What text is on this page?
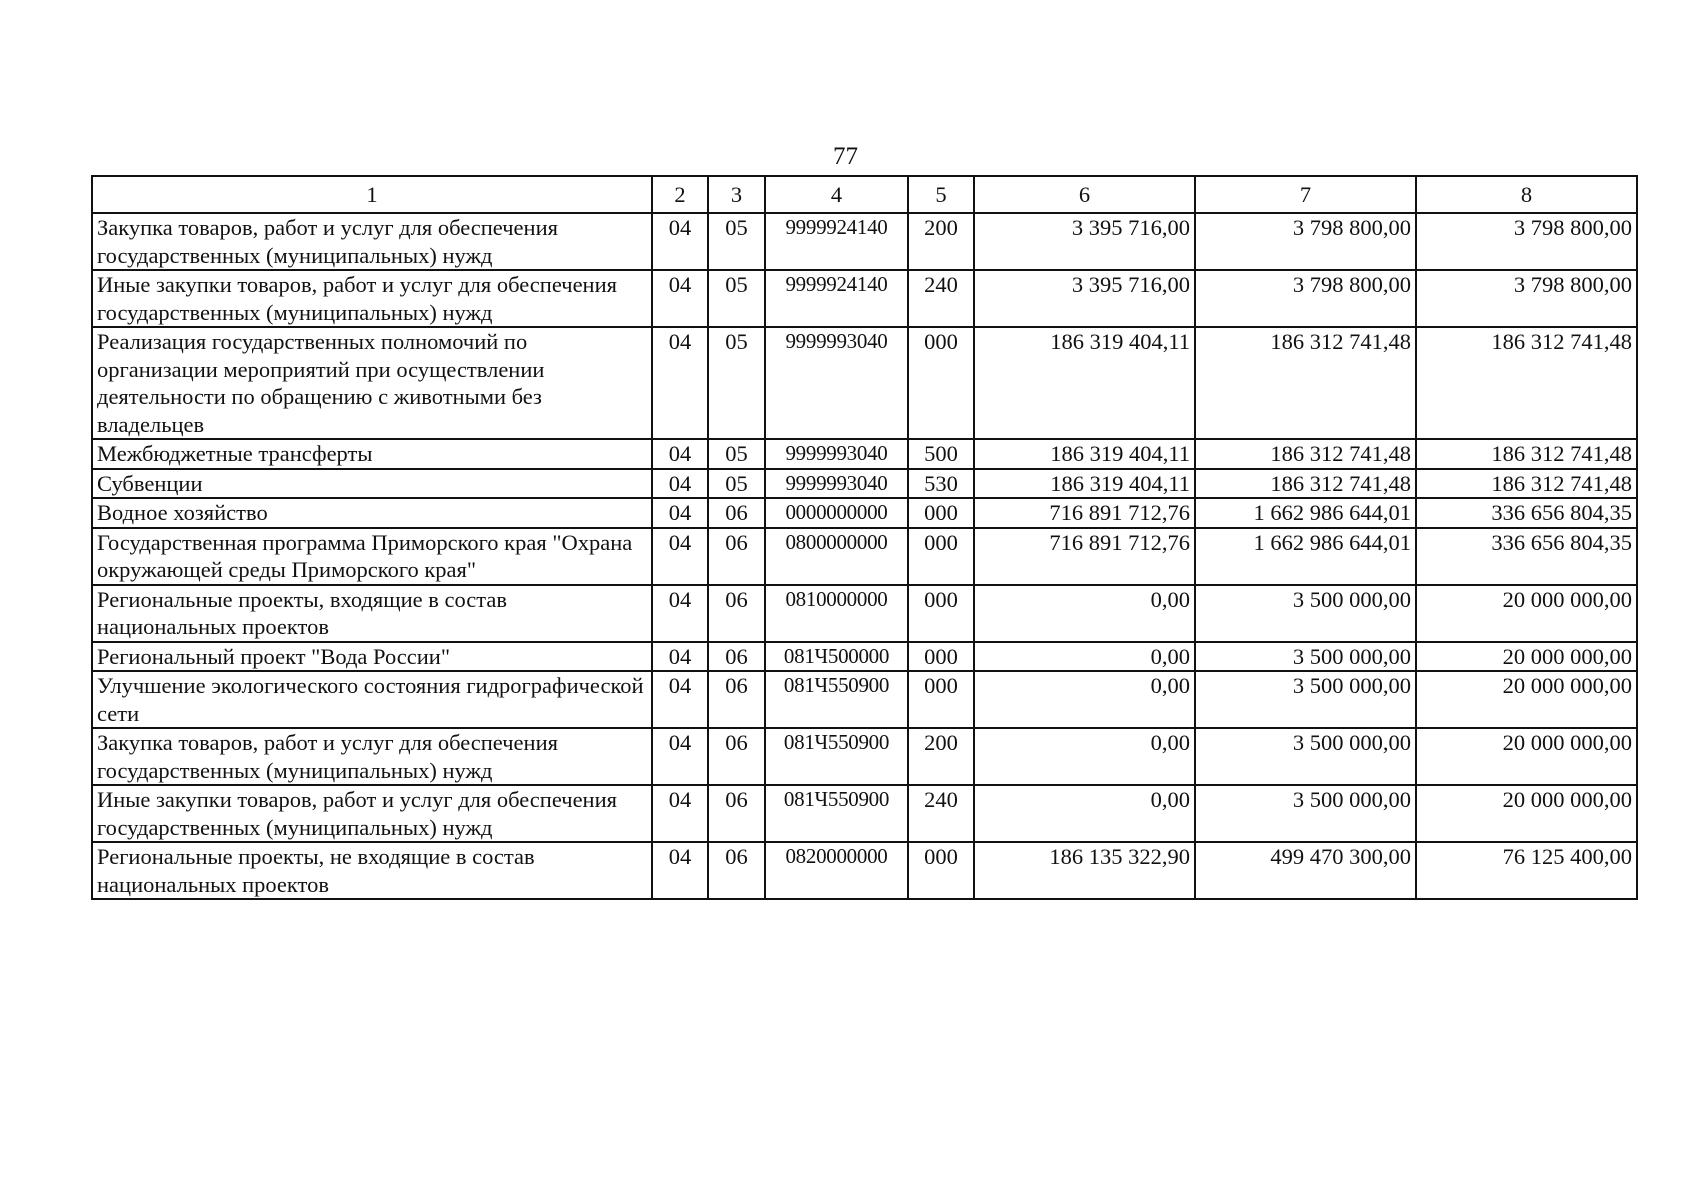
77
1	2	3	4	5	6	7	8
Закупка товаров, работ и услуг для обеспечения государственных (муниципальных) нужд	04	05	9999924140	200	3 395 716,00	3 798 800,00	3 798 800,00
Иные закупки товаров, работ и услуг для обеспечения государственных (муниципальных) нужд	04	05	9999924140	240	3 395 716,00	3 798 800,00	3 798 800,00
Реализация государственных полномочий по организации мероприятий при осуществлении деятельности по обращению с животными без владельцев	04	05	9999993040	000	186 319 404,11	186 312 741,48	186 312 741,48
Межбюджетные трансферты	04	05	9999993040	500	186 319 404,11	186 312 741,48	186 312 741,48
Субвенции	04	05	9999993040	530	186 319 404,11	186 312 741,48	186 312 741,48
Водное хозяйство	04	06	0000000000	000	716 891 712,76	1 662 986 644,01	336 656 804,35
Государственная программа Приморского края "Охрана окружающей среды Приморского края"	04	06	0800000000	000	716 891 712,76	1 662 986 644,01	336 656 804,35
Региональные проекты, входящие в состав национальных проектов	04	06	0810000000	000	0,00	3 500 000,00	20 000 000,00
Региональный проект "Вода России"	04	06	081Ч500000	000	0,00	3 500 000,00	20 000 000,00
Улучшение экологического состояния гидрографической сети	04	06	081Ч550900	000	0,00	3 500 000,00	20 000 000,00
Закупка товаров, работ и услуг для обеспечения государственных (муниципальных) нужд	04	06	081Ч550900	200	0,00	3 500 000,00	20 000 000,00
Иные закупки товаров, работ и услуг для обеспечения государственных (муниципальных) нужд	04	06	081Ч550900	240	0,00	3 500 000,00	20 000 000,00
Региональные проекты, не входящие в состав национальных проектов	04	06	0820000000	000	186 135 322,90	499 470 300,00	76 125 400,00
